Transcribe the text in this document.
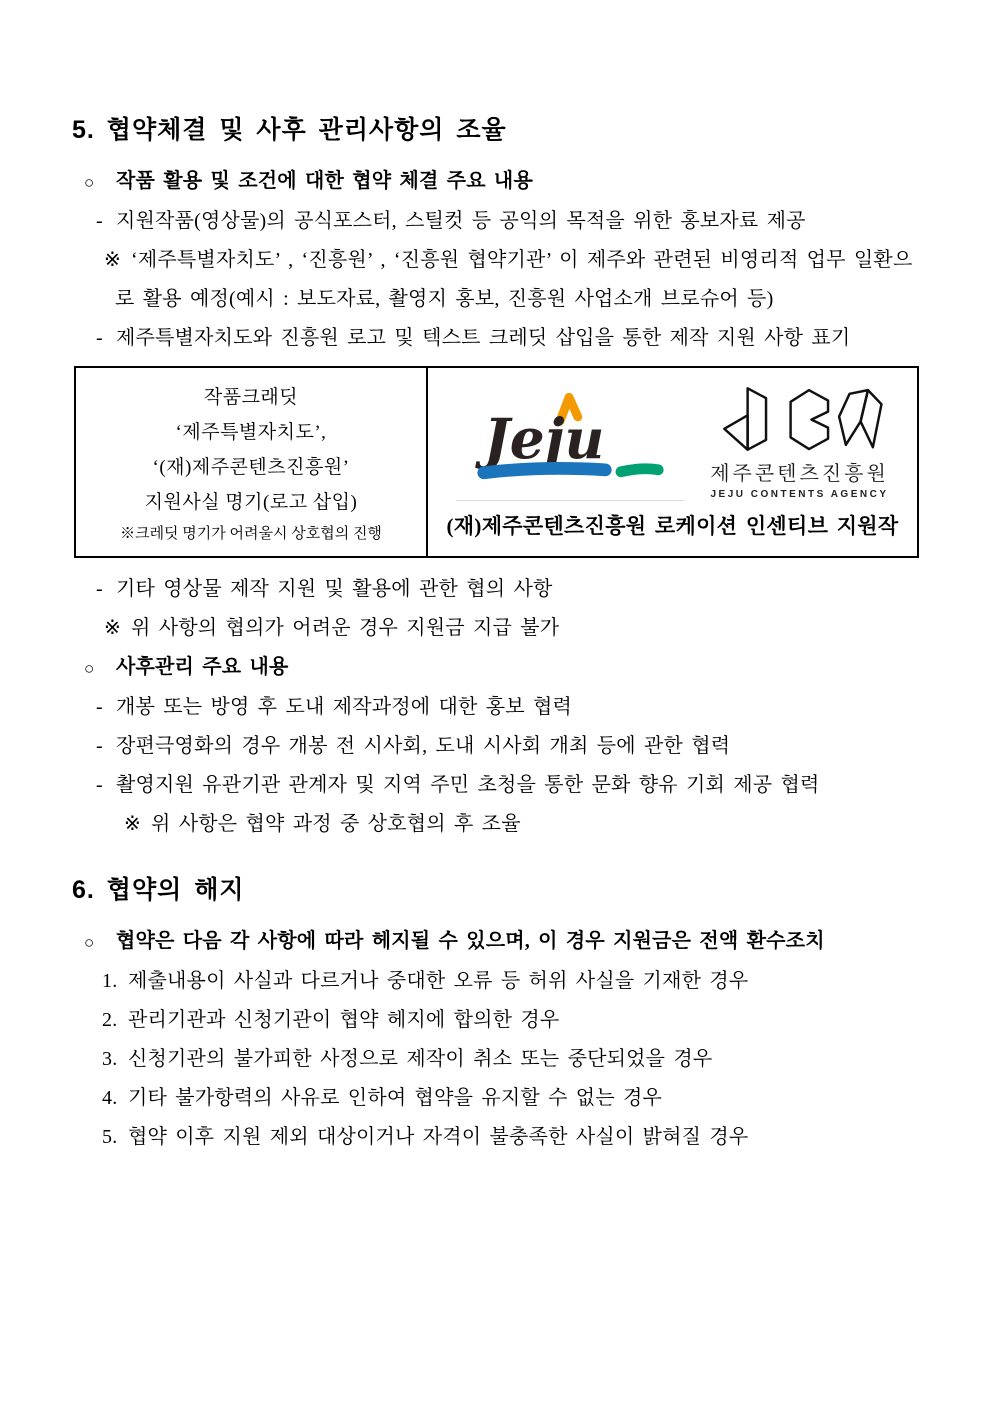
5. 협약체결 및 사후 관리사항의 조율
○	작품 활용 및 조건에 대한 협약 체결 주요 내용
- 지원작품(영상물)의 공식포스터, 스틸컷 등 공익의 목적을 위한 홍보자료 제공
※ ‘제주특별자치도’ , ‘진흥원’ , ‘진흥원 협약기관’ 이 제주와 관련된 비영리적 업무 일환으
로 활용 예정(예시 : 보도자료, 촬영지 홍보, 진흥원 사업소개 브로슈어 등)
- 제주특별자치도와 진흥원 로고 및 텍스트 크레딧 삽입을 통한 제작 지원 사항 표기
작품크래딧
‘제주특별자치도’,
‘(재)제주콘텐츠진흥원’
지원사실 명기(로고 삽입)
※크레딧 명기가 어려울시 상호협의 진행

Jeju
제주콘텐츠진흥원
JEJU CONTENTS AGENCY
(재)제주콘텐츠진흥원 로케이션 인센티브 지원작
- 기타 영상물 제작 지원 및 활용에 관한 협의 사항
※ 위 사항의 협의가 어려운 경우 지원금 지급 불가
○	사후관리 주요 내용
- 개봉 또는 방영 후 도내 제작과정에 대한 홍보 협력
- 장편극영화의 경우 개봉 전 시사회, 도내 시사회 개최 등에 관한 협력
- 촬영지원 유관기관 관계자 및 지역 주민 초청을 통한 문화 향유 기회 제공 협력
※ 위 사항은 협약 과정 중 상호협의 후 조율
6. 협약의 해지
○	협약은 다음 각 사항에 따라 헤지될 수 있으며, 이 경우 지원금은 전액 환수조치
1. 제출내용이 사실과 다르거나 중대한 오류 등 허위 사실을 기재한 경우
2. 관리기관과 신청기관이 협약 헤지에 합의한 경우
3. 신청기관의 불가피한 사정으로 제작이 취소 또는 중단되었을 경우
4. 기타 불가항력의 사유로 인하여 협약을 유지할 수 없는 경우
5. 협약 이후 지원 제외 대상이거나 자격이 불충족한 사실이 밝혀질 경우
